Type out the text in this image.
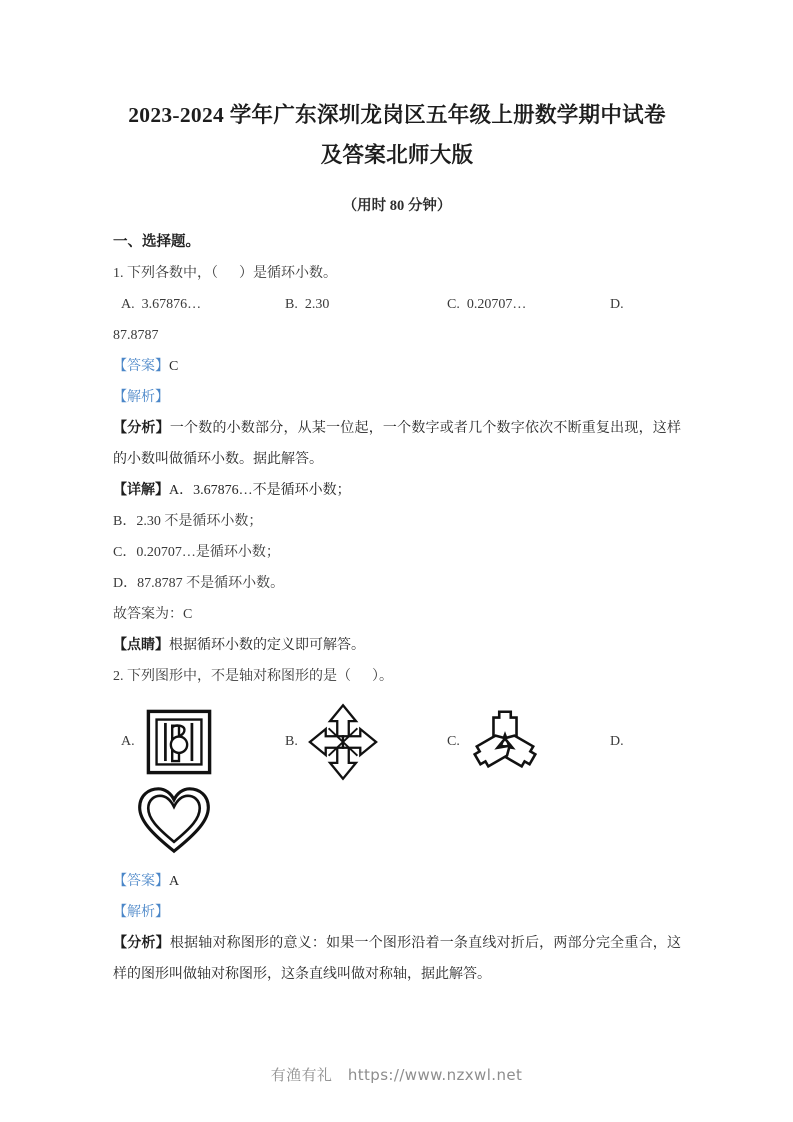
2023-2024 学年广东深圳龙岗区五年级上册数学期中试卷及答案北师大版
（用时 80 分钟）
一、选择题。
1. 下列各数中，（      ）是循环小数。
A. 3.67876…	B. 2.30	C. 0.20707…	D.
87.8787
【答案】C
【解析】
【分析】一个数的小数部分，从某一位起，一个数字或者几个数字依次不断重复出现，这样的小数叫做循环小数。据此解答。
【详解】A．3.67876…不是循环小数；
B．2.30 不是循环小数；
C．0.20707…是循环小数；
D．87.8787 不是循环小数。
故答案为：C
【点睛】根据循环小数的定义即可解答。
2. 下列图形中，不是轴对称图形的是（      ）。
A.	B.	C.	D.
【答案】A
【解析】
【分析】根据轴对称图形的意义：如果一个图形沿着一条直线对折后，两部分完全重合，这样的图形叫做轴对称图形，这条直线叫做对称轴，据此解答。
有渔有礼 https://www.nzxwl.net
